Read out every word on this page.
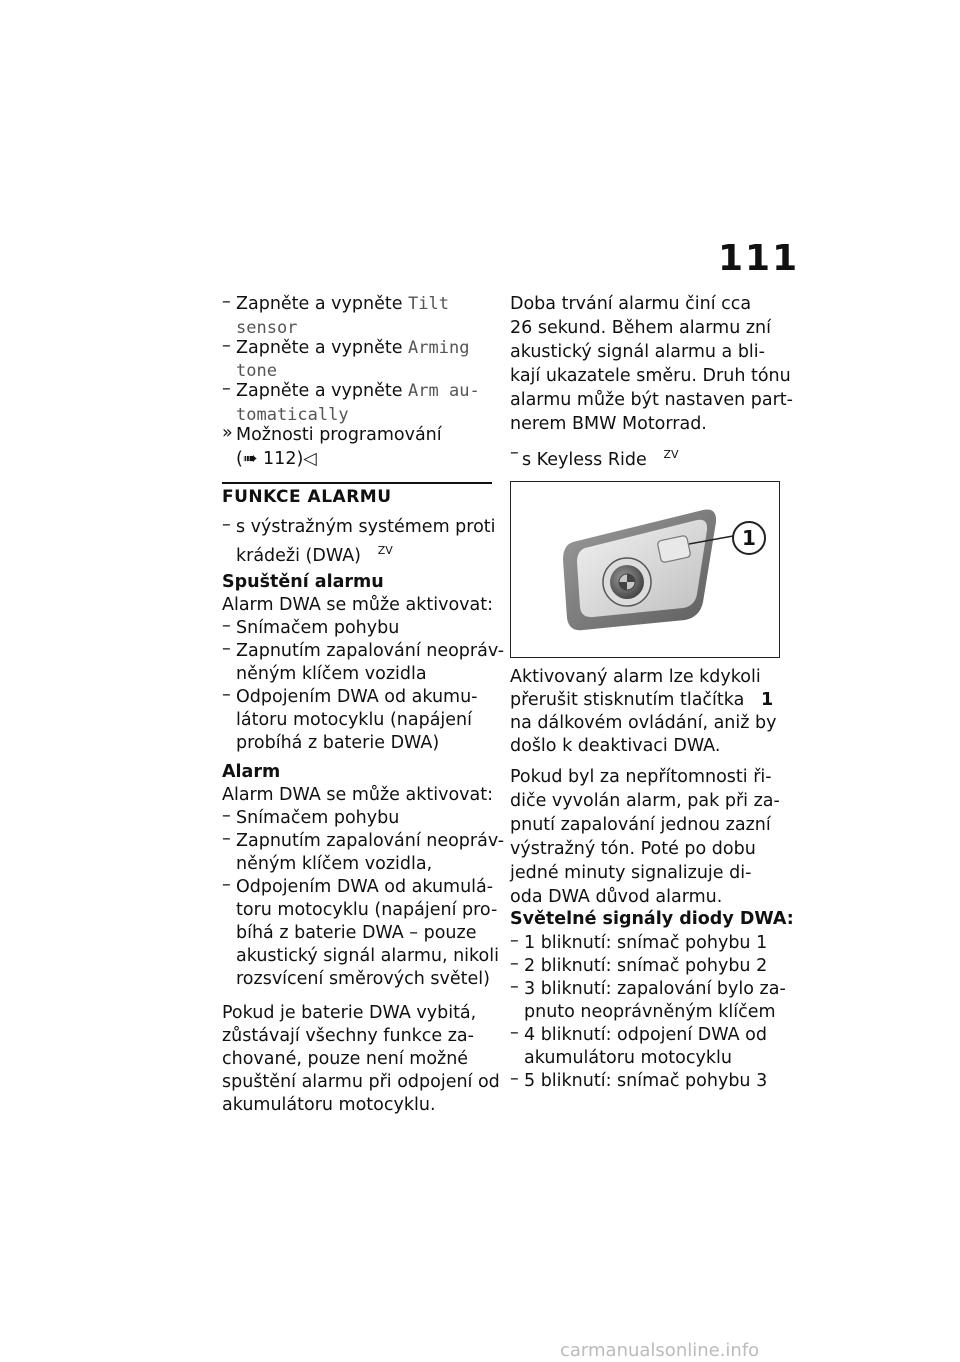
111
– Zapněte a vypněte Tilt
sensor
– Zapněte a vypněte Arming
tone
– Zapněte a vypněte Arm au-
tomatically
» Možnosti programování
(➠ 112)◁
FUNKCE ALARMU
– s výstražným systémem proti
krádeži (DWA) $^{ZV}$
Spuštění alarmu
Alarm DWA se může aktivovat:
– Snímačem pohybu
– Zapnutím zapalování neopráv-
něným klíčem vozidla
– Odpojením DWA od akumu-
látoru motocyklu (napájení
probíhá z baterie DWA)
Alarm
Alarm DWA se může aktivovat:
– Snímačem pohybu
– Zapnutím zapalování neopráv-
něným klíčem vozidla,
– Odpojením DWA od akumulá-
toru motocyklu (napájení pro-
bíhá z baterie DWA – pouze
akustický signál alarmu, nikoli
rozsvícení směrových světel)
Pokud je baterie DWA vybitá,
zůstávají všechny funkce za-
chované, pouze není možné
spuštění alarmu při odpojení od
akumulátoru motocyklu.
Doba trvání alarmu činí cca
26 sekund. Během alarmu zní
akustický signál alarmu a bli-
kají ukazatele směru. Druh tónu
alarmu může být nastaven part-
nerem BMW Motorrad.
– s Keyless Ride $^{ZV}$
1
Aktivovaný alarm lze kdykoli
přerušit stisknutím tlačítka 1
na dálkovém ovládání, aniž by
došlo k deaktivaci DWA.
Pokud byl za nepřítomnosti ři-
diče vyvolán alarm, pak při za-
pnutí zapalování jednou zazní
výstražný tón. Poté po dobu
jedné minuty signalizuje di-
oda DWA důvod alarmu.
Světelné signály diody DWA:
– 1 bliknutí: snímač pohybu 1
– 2 bliknutí: snímač pohybu 2
– 3 bliknutí: zapalování bylo za-
pnuto neoprávněným klíčem
– 4 bliknutí: odpojení DWA od
akumulátoru motocyklu
– 5 bliknutí: snímač pohybu 3
carmanualsonline.info
